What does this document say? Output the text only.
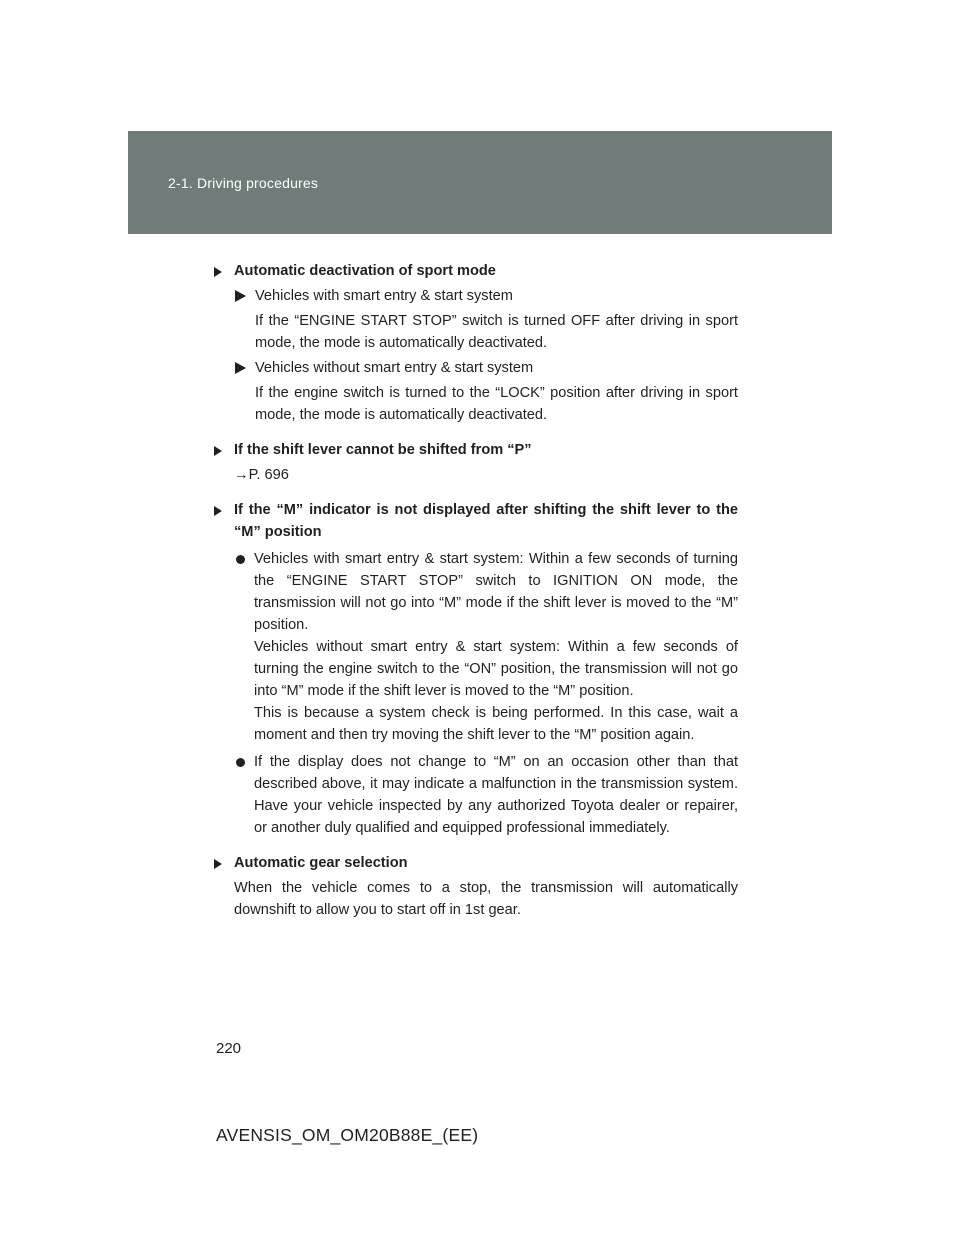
2-1. Driving procedures
Automatic deactivation of sport mode
Vehicles with smart entry & start system
If the “ENGINE START STOP” switch is turned OFF after driving in sport mode, the mode is automatically deactivated.
Vehicles without smart entry & start system
If the engine switch is turned to the “LOCK” position after driving in sport mode, the mode is automatically deactivated.
If the shift lever cannot be shifted from “P”
→P. 696
If the “M” indicator is not displayed after shifting the shift lever to the “M” position
Vehicles with smart entry & start system: Within a few seconds of turning the “ENGINE START STOP” switch to IGNITION ON mode, the transmission will not go into “M” mode if the shift lever is moved to the “M” position.
Vehicles without smart entry & start system: Within a few seconds of turning the engine switch to the “ON” position, the transmission will not go into “M” mode if the shift lever is moved to the “M” position.
This is because a system check is being performed. In this case, wait a moment and then try moving the shift lever to the “M” position again.
If the display does not change to “M” on an occasion other than that described above, it may indicate a malfunction in the transmission system. Have your vehicle inspected by any authorized Toyota dealer or repairer, or another duly qualified and equipped professional immediately.
Automatic gear selection
When the vehicle comes to a stop, the transmission will automatically downshift to allow you to start off in 1st gear.
220
AVENSIS_OM_OM20B88E_(EE)
